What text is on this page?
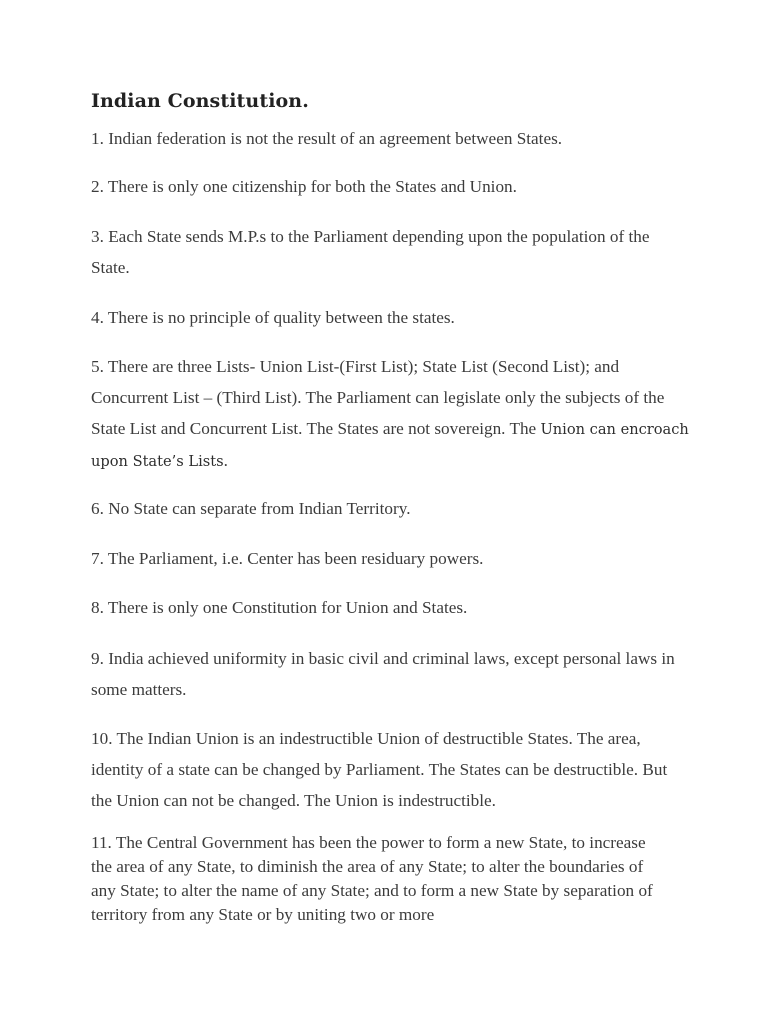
Indian Constitution.

1. Indian federation is not the result of an agreement between States.

2. There is only one citizenship for both the States and Union.

3. Each State sends M.P.s to the Parliament depending upon the population of the State.

4. There is no principle of quality between the states.

5. There are three Lists- Union List-(First List); State List (Second List); and Concurrent List – (Third List). The Parliament can legislate only the subjects of the State List and Concurrent List. The States are not sovereign. The Union can encroach upon State’s Lists.

6. No State can separate from Indian Territory.

7. The Parliament, i.e. Center has been residuary powers.

8. There is only one Constitution for Union and States.

9. India achieved uniformity in basic civil and criminal laws, except personal laws in some matters.

10. The Indian Union is an indestructible Union of destructible States. The area, identity of a state can be changed by Parliament. The States can be destructible. But the Union can not be changed. The Union is indestructible.

11. The Central Government has been the power to form a new State, to increase the area of any State, to diminish the area of any State; to alter the boundaries of any State; to alter the name of any State; and to form a new State by separation of territory from any State or by uniting two or more
